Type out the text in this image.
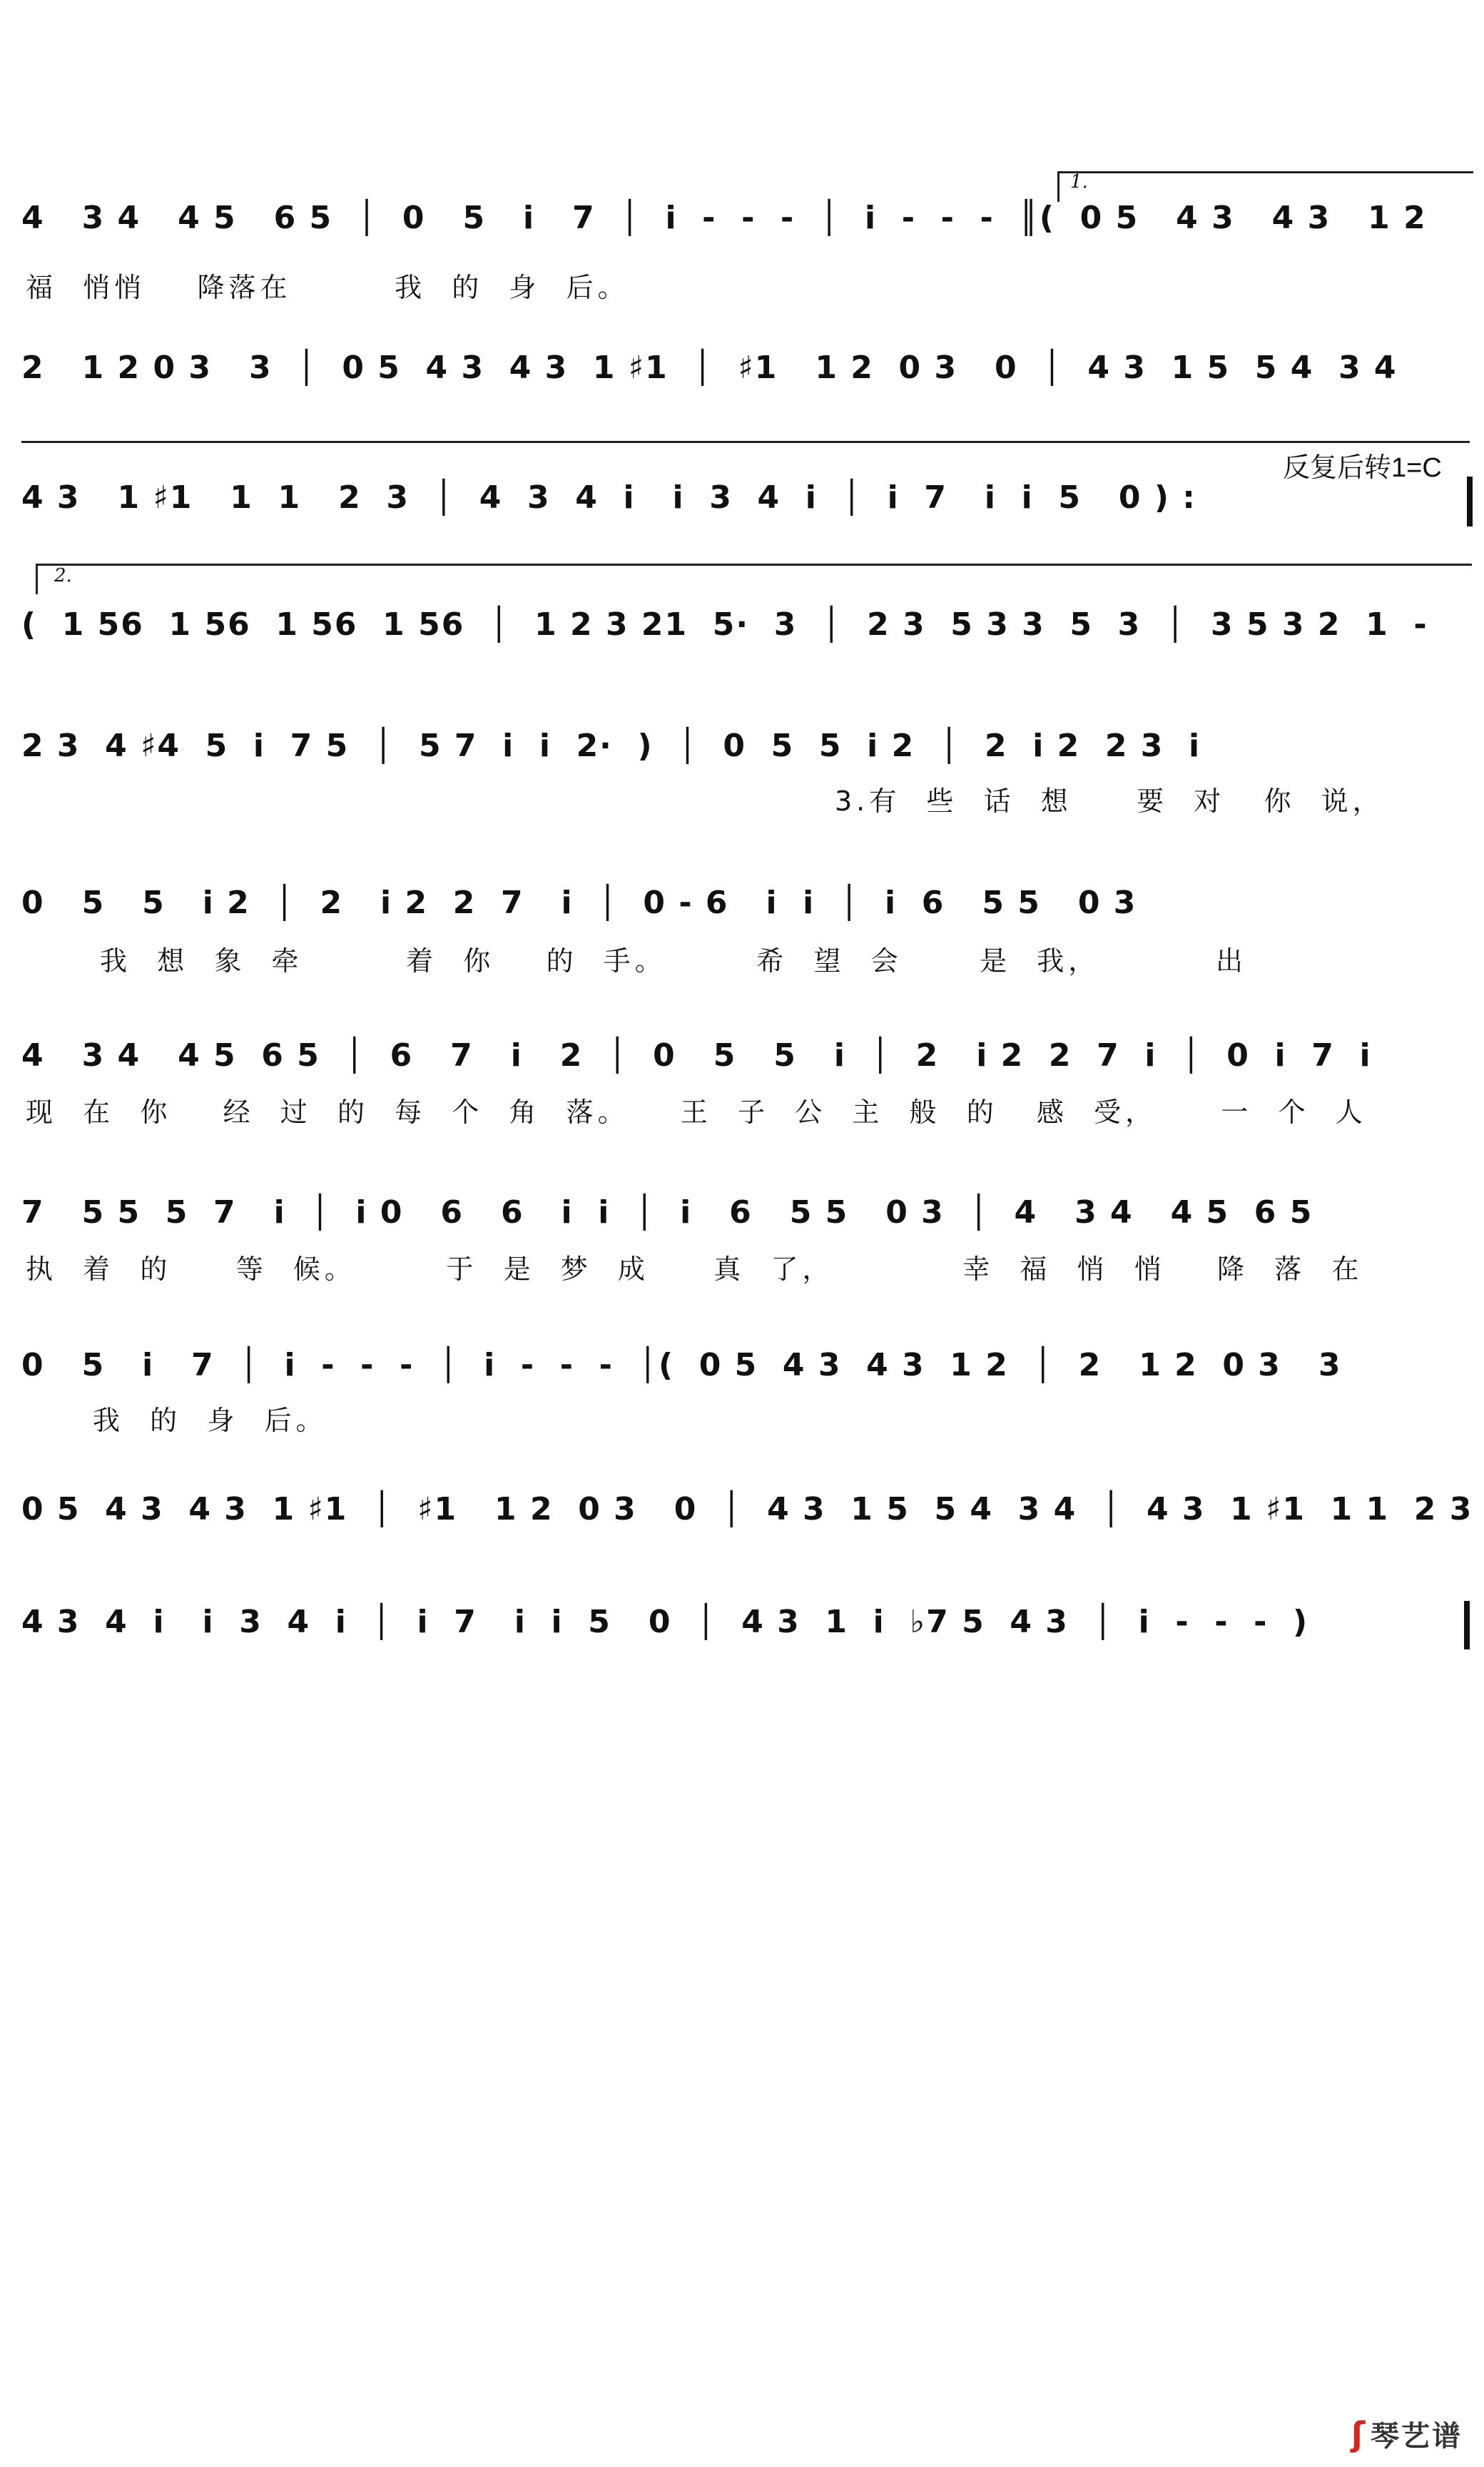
4   3 4   4 5   6 5  │  0   5   i   7  │  i  -  -  -  │  i  -  -  -  ║(  0 5   4 3   4 3   1 2
福  悄悄    降落在        我  的  身  后。
1.
2   1 2 0 3   3  │  0 5  4 3  4 3  1 ♯1  │  ♯1   1 2  0 3   0  │  4 3  1 5  5 4  3 4
反复后转1=C
4 3   1 ♯1   1  1   2  3  │  4  3  4  i   i  3  4  i  │  i  7   i  i  5   0 ) :
2.
(  1 56  1 56  1 56  1 56  │  1 2 3 21  5·  3  │  2 3  5 3 3  5  3  │  3 5 3 2  1  -
2 3  4 ♯4  5  i  7 5  │  5 7  i  i  2·  )  │  0  5  5  i 2  │  2  i 2  2 3  i
3.有  些  话  想     要  对   你  说，
0   5   5   i 2  │  2   i 2  2  7   i  │  0 - 6   i  i  │  i  6   5 5   0 3
我  想  象  牵        着  你    的  手。       希  望  会      是  我，         出
4   3 4   4 5  6 5  │  6   7   i   2  │  0   5   5   i  │  2   i 2  2  7  i  │  0  i  7  i
现  在  你    经  过  的  每  个  角  落。    王  子  公  主  般  的   感  受，     一  个  人
7   5 5  5  7   i  │  i 0   6   6   i  i  │  i   6   5 5   0 3  │  4   3 4   4 5  6 5
执  着  的     等  候。       于  是  梦  成     真  了，          幸  福  悄  悄    降  落  在
0   5   i   7  │  i  -  -  -  │  i  -  -  -  │(  0 5  4 3  4 3  1 2  │  2   1 2  0 3   3
我  的  身  后。
0 5  4 3  4 3  1 ♯1  │  ♯1   1 2  0 3   0  │  4 3  1 5  5 4  3 4  │  4 3  1 ♯1  1 1  2 3
4 3  4  i   i  3  4  i  │  i  7   i  i  5   0  │  4 3  1  i  ♭7 5  4 3  │  i  -  -  -  )
ʃ 琴艺谱
